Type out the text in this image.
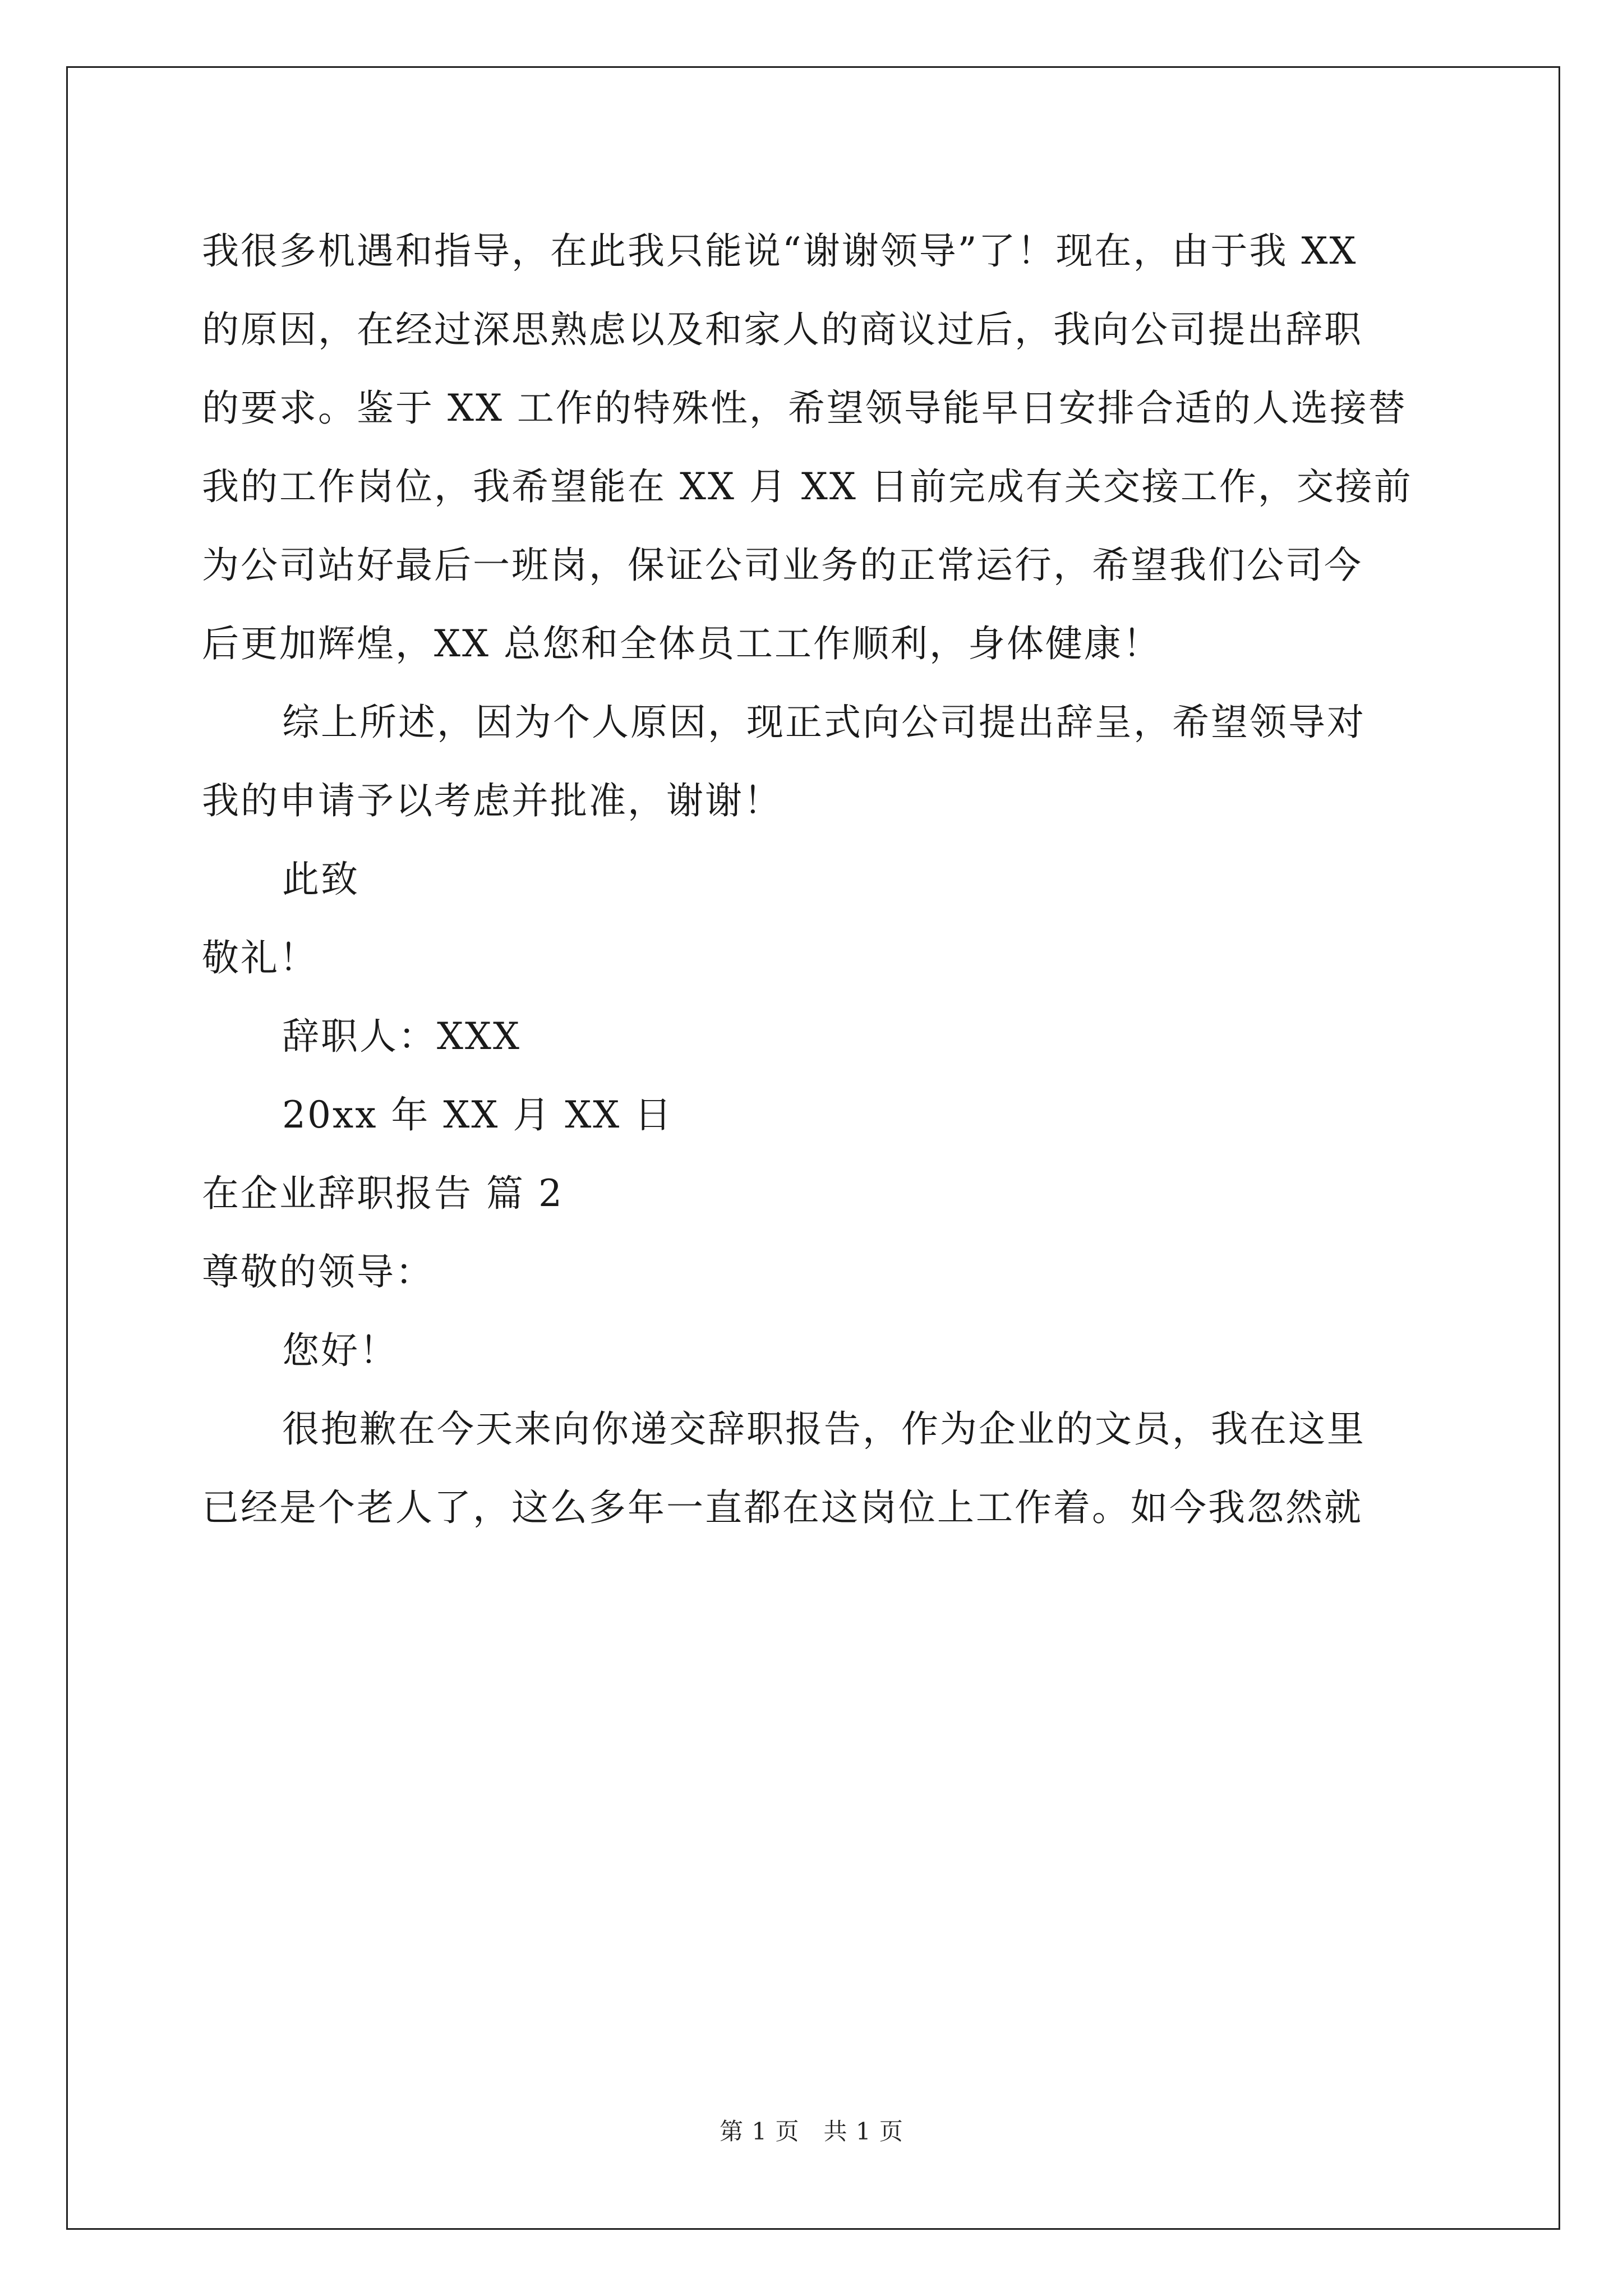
我很多机遇和指导，在此我只能说“谢谢领导”了！现在，由于我 XX
的原因，在经过深思熟虑以及和家人的商议过后，我向公司提出辞职
的要求。鉴于 XX 工作的特殊性，希望领导能早日安排合适的人选接替
我的工作岗位，我希望能在 XX 月 XX 日前完成有关交接工作，交接前
为公司站好最后一班岗，保证公司业务的正常运行，希望我们公司今
后更加辉煌，XX 总您和全体员工工作顺利，身体健康！
综上所述，因为个人原因，现正式向公司提出辞呈，希望领导对
我的申请予以考虑并批准，谢谢！
此致
敬礼！
辞职人：XXX
20xx 年 XX 月 XX 日
在企业辞职报告 篇 2
尊敬的领导：
您好！
很抱歉在今天来向你递交辞职报告，作为企业的文员，我在这里
已经是个老人了，这么多年一直都在这岗位上工作着。如今我忽然就
第 1 页　共 1 页
